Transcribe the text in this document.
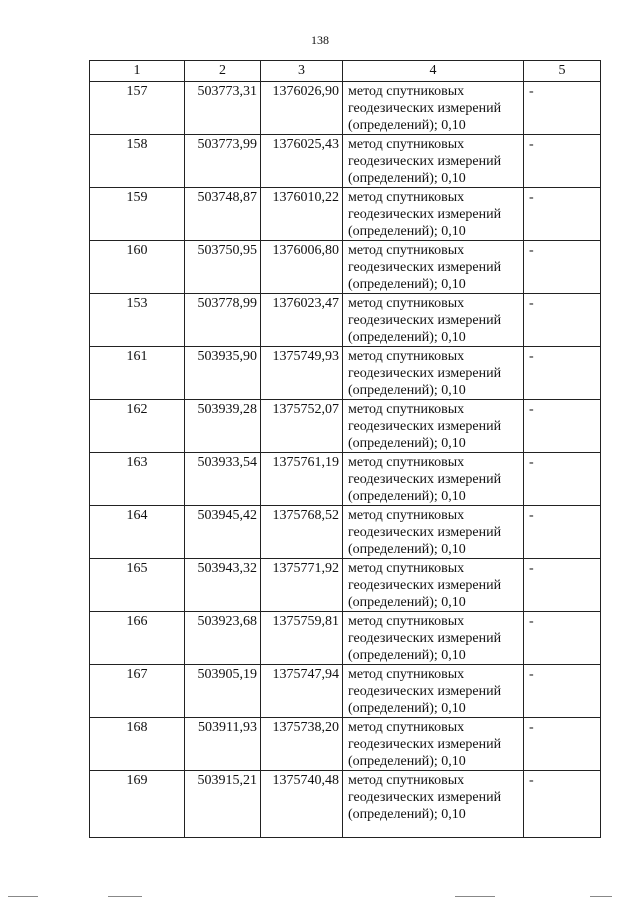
138
1	2	3	4	5
157	503773,31	1376026,90	метод спутниковых геодезических измерений (определений); 0,10	-
158	503773,99	1376025,43	метод спутниковых геодезических измерений (определений); 0,10	-
159	503748,87	1376010,22	метод спутниковых геодезических измерений (определений); 0,10	-
160	503750,95	1376006,80	метод спутниковых геодезических измерений (определений); 0,10	-
153	503778,99	1376023,47	метод спутниковых геодезических измерений (определений); 0,10	-
161	503935,90	1375749,93	метод спутниковых геодезических измерений (определений); 0,10	-
162	503939,28	1375752,07	метод спутниковых геодезических измерений (определений); 0,10	-
163	503933,54	1375761,19	метод спутниковых геодезических измерений (определений); 0,10	-
164	503945,42	1375768,52	метод спутниковых геодезических измерений (определений); 0,10	-
165	503943,32	1375771,92	метод спутниковых геодезических измерений (определений); 0,10	-
166	503923,68	1375759,81	метод спутниковых геодезических измерений (определений); 0,10	-
167	503905,19	1375747,94	метод спутниковых геодезических измерений (определений); 0,10	-
168	503911,93	1375738,20	метод спутниковых геодезических измерений (определений); 0,10	-
169	503915,21	1375740,48	метод спутниковых геодезических измерений (определений); 0,10	-
